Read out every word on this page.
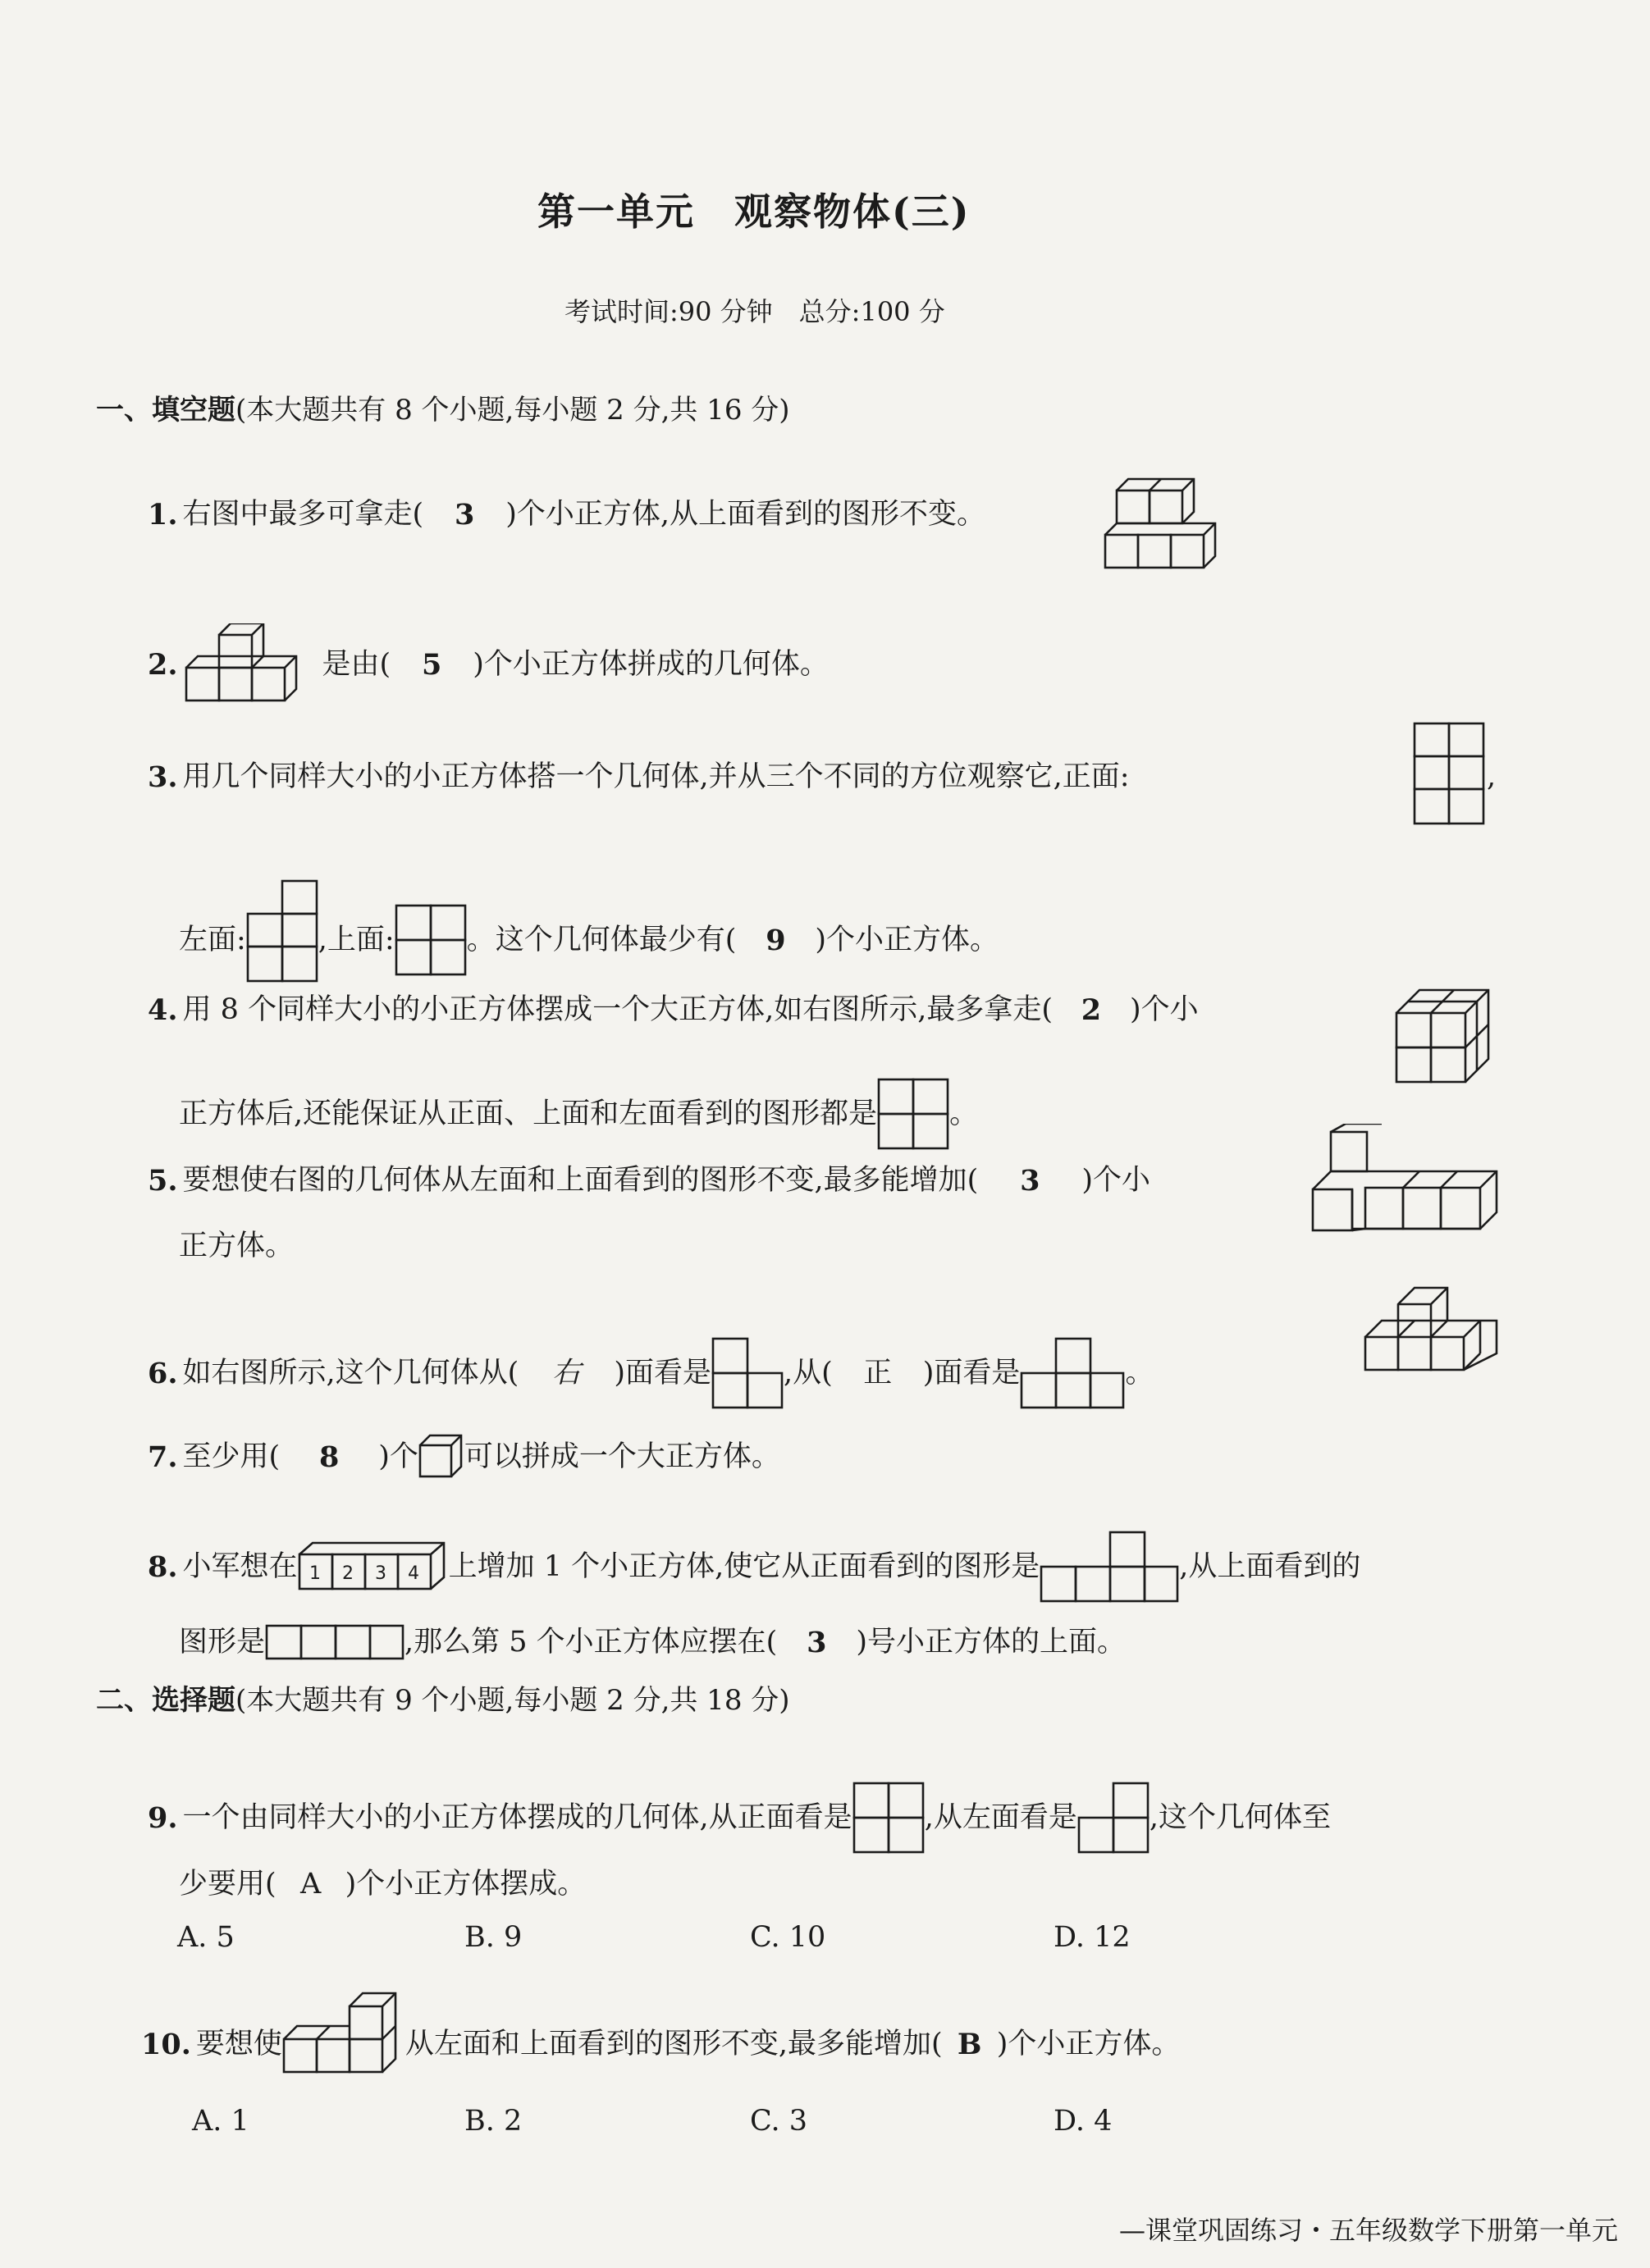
第一单元　观察物体(三)
考试时间:90 分钟　总分:100 分
一、填空题(本大题共有 8 个小题,每小题 2 分,共 16 分)
1. 右图中最多可拿走(	3	)个小正方体,从上面看到的图形不变。
2.	是由(	5	)个小正方体拼成的几何体。
3. 用几个同样大小的小正方体搭一个几何体,并从三个不同的方位观察它,正面:	,
左面:	,上面:	。这个几何体最少有(	9	)个小正方体。
4. 用 8 个同样大小的小正方体摆成一个大正方体,如右图所示,最多拿走( 2 )个小
正方体后,还能保证从正面、上面和左面看到的图形都是	。
5. 要想使右图的几何体从左面和上面看到的图形不变,最多能增加(	3	)个小
正方体。
6. 如右图所示,这个几何体从(	右	)面看是	,从(	正	)面看是	。
7. 至少用(	8	)个 可以拼成一个大正方体。
8. 小军想在 1 2 3 4 上增加 1 个小正方体,使它从正面看到的图形是	,从上面看到的
图形是	,那么第 5 个小正方体应摆在(	3	)号小正方体的上面。
二、选择题(本大题共有 9 个小题,每小题 2 分,共 18 分)
9. 一个由同样大小的小正方体摆成的几何体,从正面看是	,从左面看是	,这个几何体至
少要用( A )个小正方体摆成。
A. 5	B. 9	C. 10	D. 12
10. 要想使	从左面和上面看到的图形不变,最多能增加( B )个小正方体。
A. 1	B. 2	C. 3	D. 4
—课堂巩固练习・五年级数学下册第一单元
